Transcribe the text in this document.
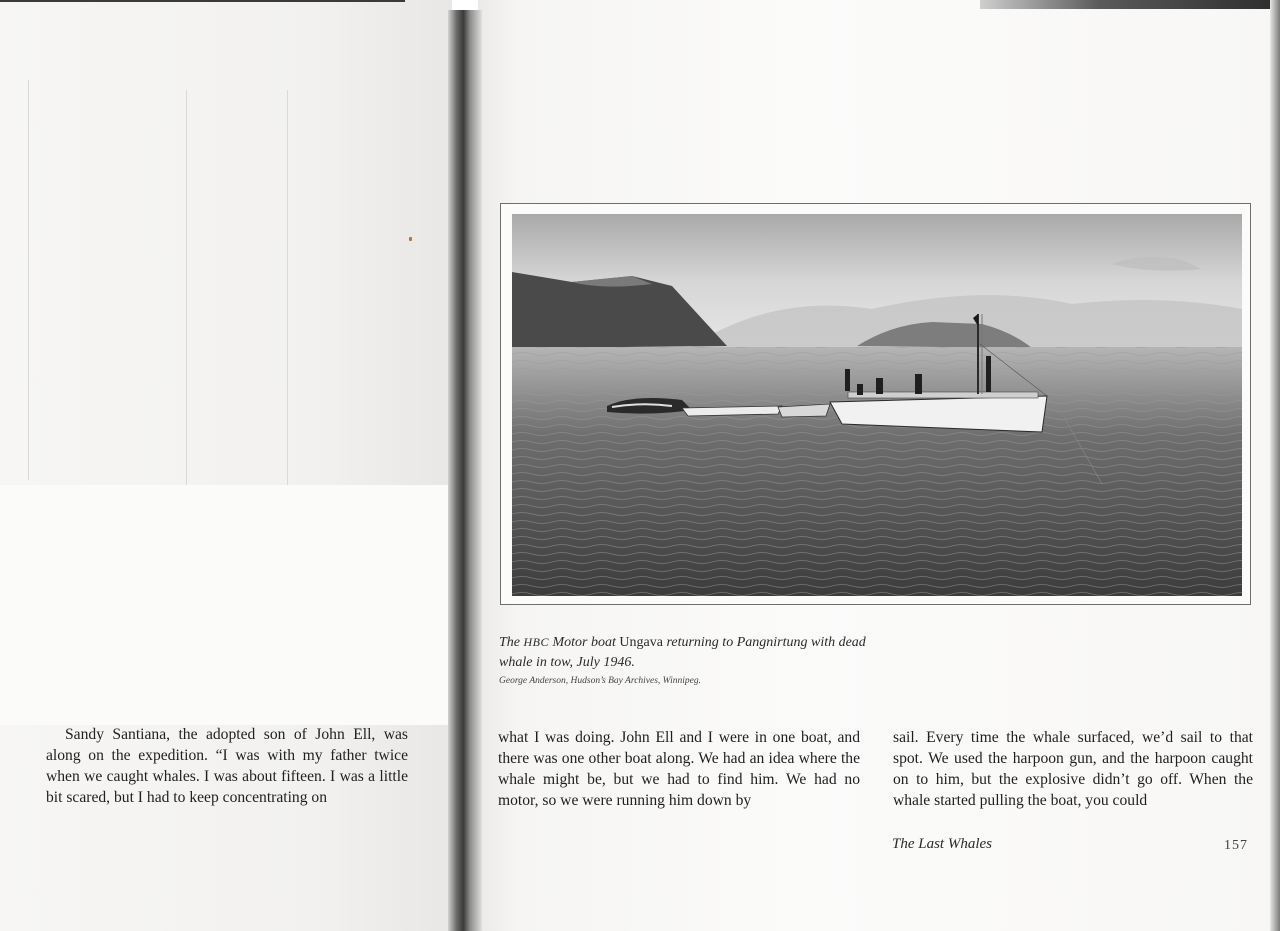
Sandy Santiana, the adopted son of John Ell, was along on the expedition. “I was with my father twice when we caught whales. I was about fifteen. I was a little bit scared, but I had to keep concentrating on

The HBC Motor boat Ungava returning to Pangnirtung with dead whale in tow, July 1946.
George Anderson, Hudson’s Bay Archives, Winnipeg.

what I was doing. John Ell and I were in one boat, and there was one other boat along. We had an idea where the whale might be, but we had to find him. We had no motor, so we were running him down by

sail. Every time the whale surfaced, we’d sail to that spot. We used the harpoon gun, and the harpoon caught on to him, but the explosive didn’t go off. When the whale started pulling the boat, you could

The Last Whales	157
